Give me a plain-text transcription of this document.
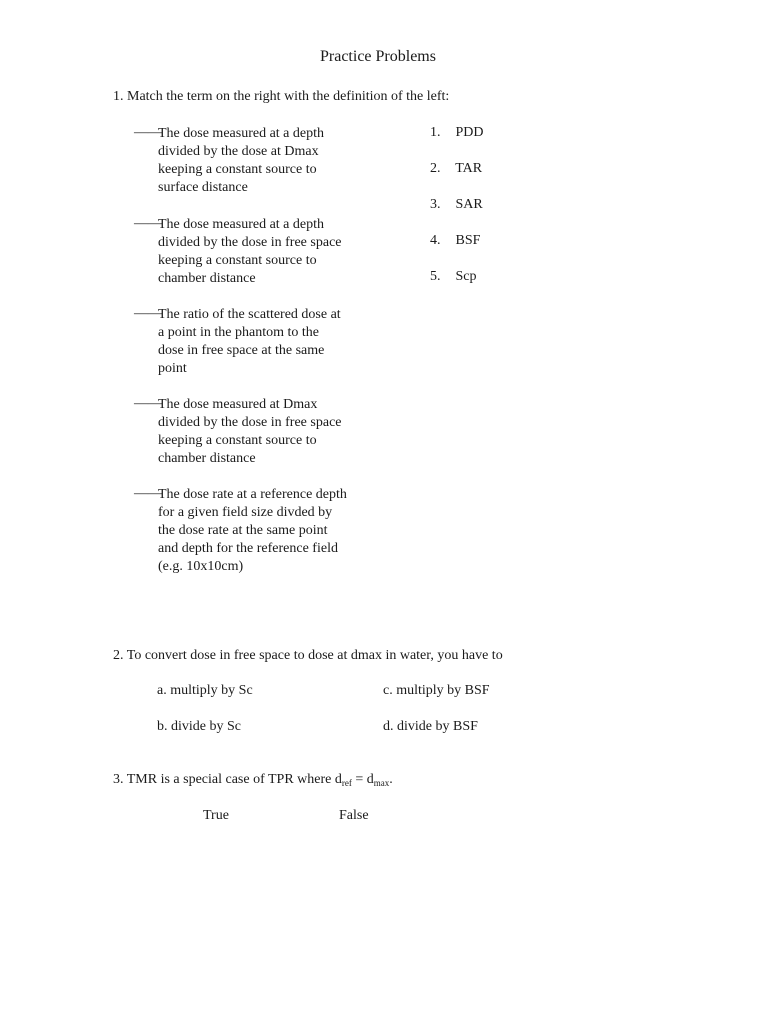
Practice Problems
1. Match the term on the right with the definition of the left:
——
The dose measured at a depth
divided by the dose at Dmax
keeping a constant source to
surface distance
——
The dose measured at a depth
divided by the dose in free space
keeping a constant source to
chamber distance
——
The ratio of the scattered dose at
a point in the phantom to the
dose in free space at the same
point
——
The dose measured at Dmax
divided by the dose in free space
keeping a constant source to
chamber distance
——
The dose rate at a reference depth
for a given field size divded by
the dose rate at the same point
and depth for the reference field
(e.g. 10x10cm)
1. PDD
2. TAR
3. SAR
4. BSF
5. Scp
2. To convert dose in free space to dose at dmax in water, you have to
a. multiply by Sc	c. multiply by BSF
b. divide by Sc	d. divide by BSF
3. TMR is a special case of TPR where $d_{ref} = d_{max}$.
True	False
